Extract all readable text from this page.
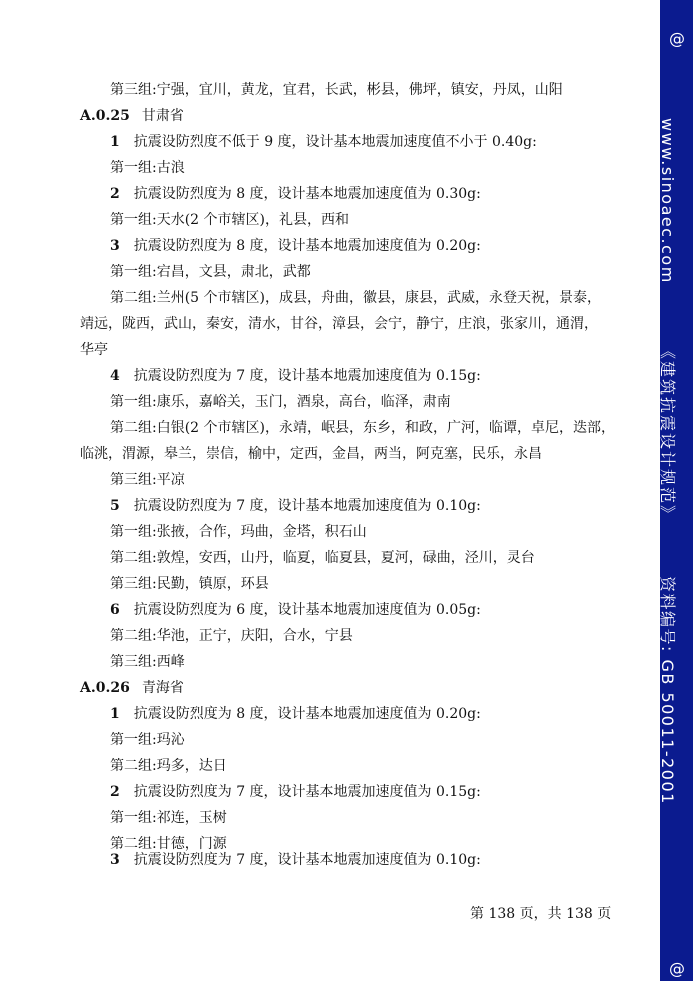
第三组:宁强，宜川，黄龙，宜君，长武，彬县，佛坪，镇安，丹凤，山阳
A.0.25 甘肃省
1 抗震设防烈度不低于 9 度，设计基本地震加速度值不小于 0.40g:
第一组:古浪
2 抗震设防烈度为 8 度，设计基本地震加速度值为 0.30g:
第一组:天水(2 个市辖区)，礼县，西和
3 抗震设防烈度为 8 度，设计基本地震加速度值为 0.20g:
第一组:宕昌，文县，肃北，武都
第二组:兰州(5 个市辖区)，成县，舟曲，徽县，康县，武威，永登天祝，景泰，
靖远，陇西，武山，秦安，清水，甘谷，漳县，会宁，静宁，庄浪，张家川，通渭，
华亭
4 抗震设防烈度为 7 度，设计基本地震加速度值为 0.15g:
第一组:康乐，嘉峪关，玉门，酒泉，高台，临泽，肃南
第二组:白银(2 个市辖区)，永靖，岷县，东乡，和政，广河，临谭，卓尼，迭部，
临洮，渭源，皋兰，崇信，榆中，定西，金昌，两当，阿克塞，民乐，永昌
第三组:平凉
5 抗震设防烈度为 7 度，设计基本地震加速度值为 0.10g:
第一组:张掖，合作，玛曲，金塔，积石山
第二组:敦煌，安西，山丹，临夏，临夏县，夏河，碌曲，泾川，灵台
第三组:民勤，镇原，环县
6 抗震设防烈度为 6 度，设计基本地震加速度值为 0.05g:
第二组:华池，正宁，庆阳，合水，宁县
第三组:西峰
A.0.26 青海省
1 抗震设防烈度为 8 度，设计基本地震加速度值为 0.20g:
第一组:玛沁
第二组:玛多，达日
2 抗震设防烈度为 7 度，设计基本地震加速度值为 0.15g:
第一组:祁连，玉树
第二组:甘德，门源
3 抗震设防烈度为 7 度，设计基本地震加速度值为 0.10g:
第 138 页，共 138 页
@
www.sinoaec.com
《建筑抗震设计规范》
资料编号: GB 50011-2001
@
